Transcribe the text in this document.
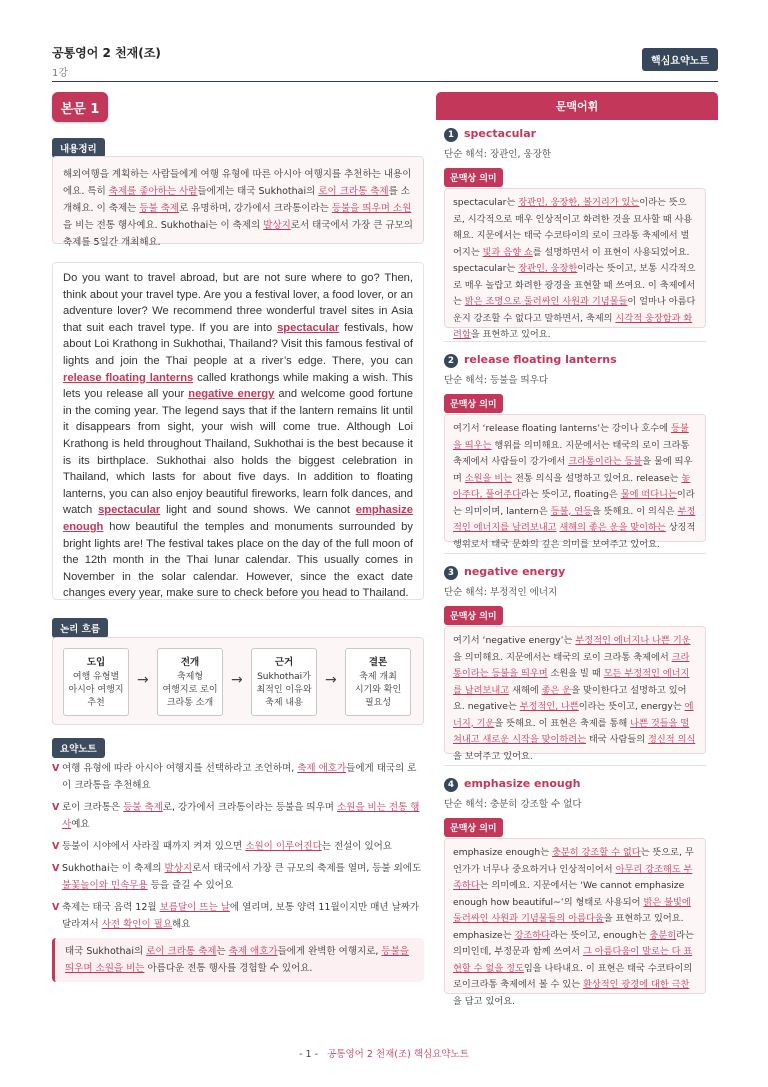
공통영어 2 천재(조)
1강
핵심요약노트
본문 1
내용정리
해외여행을 계획하는 사람들에게 여행 유형에 따른 아시아 여행지를 추천하는 내용이에요. 특히 축제를 좋아하는 사람들에게는 태국 Sukhothai의 로이 크라통 축제를 소개해요. 이 축제는 등불 축제로 유명하며, 강가에서 크라통이라는 등불을 띄우며 소원을 비는 전통 행사예요. Sukhothai는 이 축제의 발상지로서 태국에서 가장 큰 규모의 축제를 5일간 개최해요.
Do you want to travel abroad, but are not sure where to go? Then, think about your travel type. Are you a festival lover, a food lover, or an adventure lover? We recommend three wonderful travel sites in Asia that suit each travel type. If you are into spectacular festivals, how about Loi Krathong in Sukhothai, Thailand? Visit this famous festival of lights and join the Thai people at a river’s edge. There, you can release floating lanterns called krathongs while making a wish. This lets you release all your negative energy and welcome good fortune in the coming year. The legend says that if the lantern remains lit until it disappears from sight, your wish will come true. Although Loi Krathong is held throughout Thailand, Sukhothai is the best because it is its birthplace. Sukhothai also holds the biggest celebration in Thailand, which lasts for about five days. In addition to floating lanterns, you can also enjoy beautiful fireworks, learn folk dances, and watch spectacular light and sound shows. We cannot emphasize enough how beautiful the temples and monuments surrounded by bright lights are! The festival takes place on the day of the full moon of the 12th month in the Thai lunar calendar. This usually comes in November in the solar calendar. However, since the exact date changes every year, make sure to check before you head to Thailand.
논리 흐름
도입
여행 유형별
아시아 여행지
추천
→
전개
축제형
여행지로 로이
크라통 소개
→
근거
Sukhothai가
최적인 이유와
축제 내용
→
결론
축제 개최
시기와 확인
필요성
요약노트
V 여행 유형에 따라 아시아 여행지를 선택하라고 조언하며, 축제 애호가들에게 태국의 로이 크라통을 추천해요
V 로이 크라통은 등불 축제로, 강가에서 크라통이라는 등불을 띄우며 소원을 비는 전통 행사예요
V 등불이 시야에서 사라질 때까지 켜져 있으면 소원이 이루어진다는 전설이 있어요
V Sukhothai는 이 축제의 발상지로서 태국에서 가장 큰 규모의 축제를 열며, 등불 외에도 불꽃놀이와 민속무용 등을 즐길 수 있어요
V 축제는 태국 음력 12월 보름달이 뜨는 날에 열리며, 보통 양력 11월이지만 매년 날짜가 달라져서 사전 확인이 필요해요
태국 Sukhothai의 로이 크라통 축제는 축제 애호가들에게 완벽한 여행지로, 등불을 띄우며 소원을 비는 아름다운 전통 행사를 경험할 수 있어요.
문맥어휘
1 spectacular
단순 해석: 장관인, 웅장한
문맥상 의미
spectacular는 장관인, 웅장한, 볼거리가 있는이라는 뜻으로, 시각적으로 매우 인상적이고 화려한 것을 묘사할 때 사용해요. 지문에서는 태국 수코타이의 로이 크라통 축제에서 벌어지는 빛과 음향 쇼를 설명하면서 이 표현이 사용되었어요. spectacular는 장관인, 웅장한이라는 뜻이고, 보통 시각적으로 매우 놀랍고 화려한 광경을 표현할 때 쓰여요. 이 축제에서는 밝은 조명으로 둘러싸인 사원과 기념물들이 얼마나 아름다운지 강조할 수 없다고 말하면서, 축제의 시각적 웅장함과 화려함을 표현하고 있어요.
2 release floating lanterns
단순 해석: 등불을 띄우다
문맥상 의미
여기서 ‘release floating lanterns’는 강이나 호수에 등불을 띄우는 행위를 의미해요. 지문에서는 태국의 로이 크라통 축제에서 사람들이 강가에서 크라통이라는 등불을 물에 띄우며 소원을 비는 전통 의식을 설명하고 있어요. release는 놓아주다, 풀어주다라는 뜻이고, floating은 물에 떠다니는이라는 의미이며, lantern은 등불, 연등을 뜻해요. 이 의식은 부정적인 에너지를 날려보내고 새해의 좋은 운을 맞이하는 상징적 행위로서 태국 문화의 깊은 의미를 보여주고 있어요.
3 negative energy
단순 해석: 부정적인 에너지
문맥상 의미
여기서 ‘negative energy’는 부정적인 에너지나 나쁜 기운을 의미해요. 지문에서는 태국의 로이 크라통 축제에서 크라통이라는 등불을 띄우며 소원을 빌 때 모든 부정적인 에너지를 날려보내고 새해에 좋은 운을 맞이한다고 설명하고 있어요. negative는 부정적인, 나쁜이라는 뜻이고, energy는 에너지, 기운을 뜻해요. 이 표현은 축제를 통해 나쁜 것들을 떨쳐내고 새로운 시작을 맞이하려는 태국 사람들의 정신적 의식을 보여주고 있어요.
4 emphasize enough
단순 해석: 충분히 강조할 수 없다
문맥상 의미
emphasize enough는 충분히 강조할 수 없다는 뜻으로, 무언가가 너무나 중요하거나 인상적이어서 아무리 강조해도 부족하다는 의미예요. 지문에서는 ‘We cannot emphasize enough how beautiful~’의 형태로 사용되어 밝은 불빛에 둘러싸인 사원과 기념물들의 아름다움을 표현하고 있어요. emphasize는 강조하다라는 뜻이고, enough는 충분히라는 의미인데, 부정문과 함께 쓰여서 그 아름다움이 말로는 다 표현할 수 없을 정도임을 나타내요. 이 표현은 태국 수코타이의 로이크라통 축제에서 볼 수 있는 환상적인 광경에 대한 극찬을 담고 있어요.
- 1 - 공통영어 2 천재(조) 핵심요약노트
